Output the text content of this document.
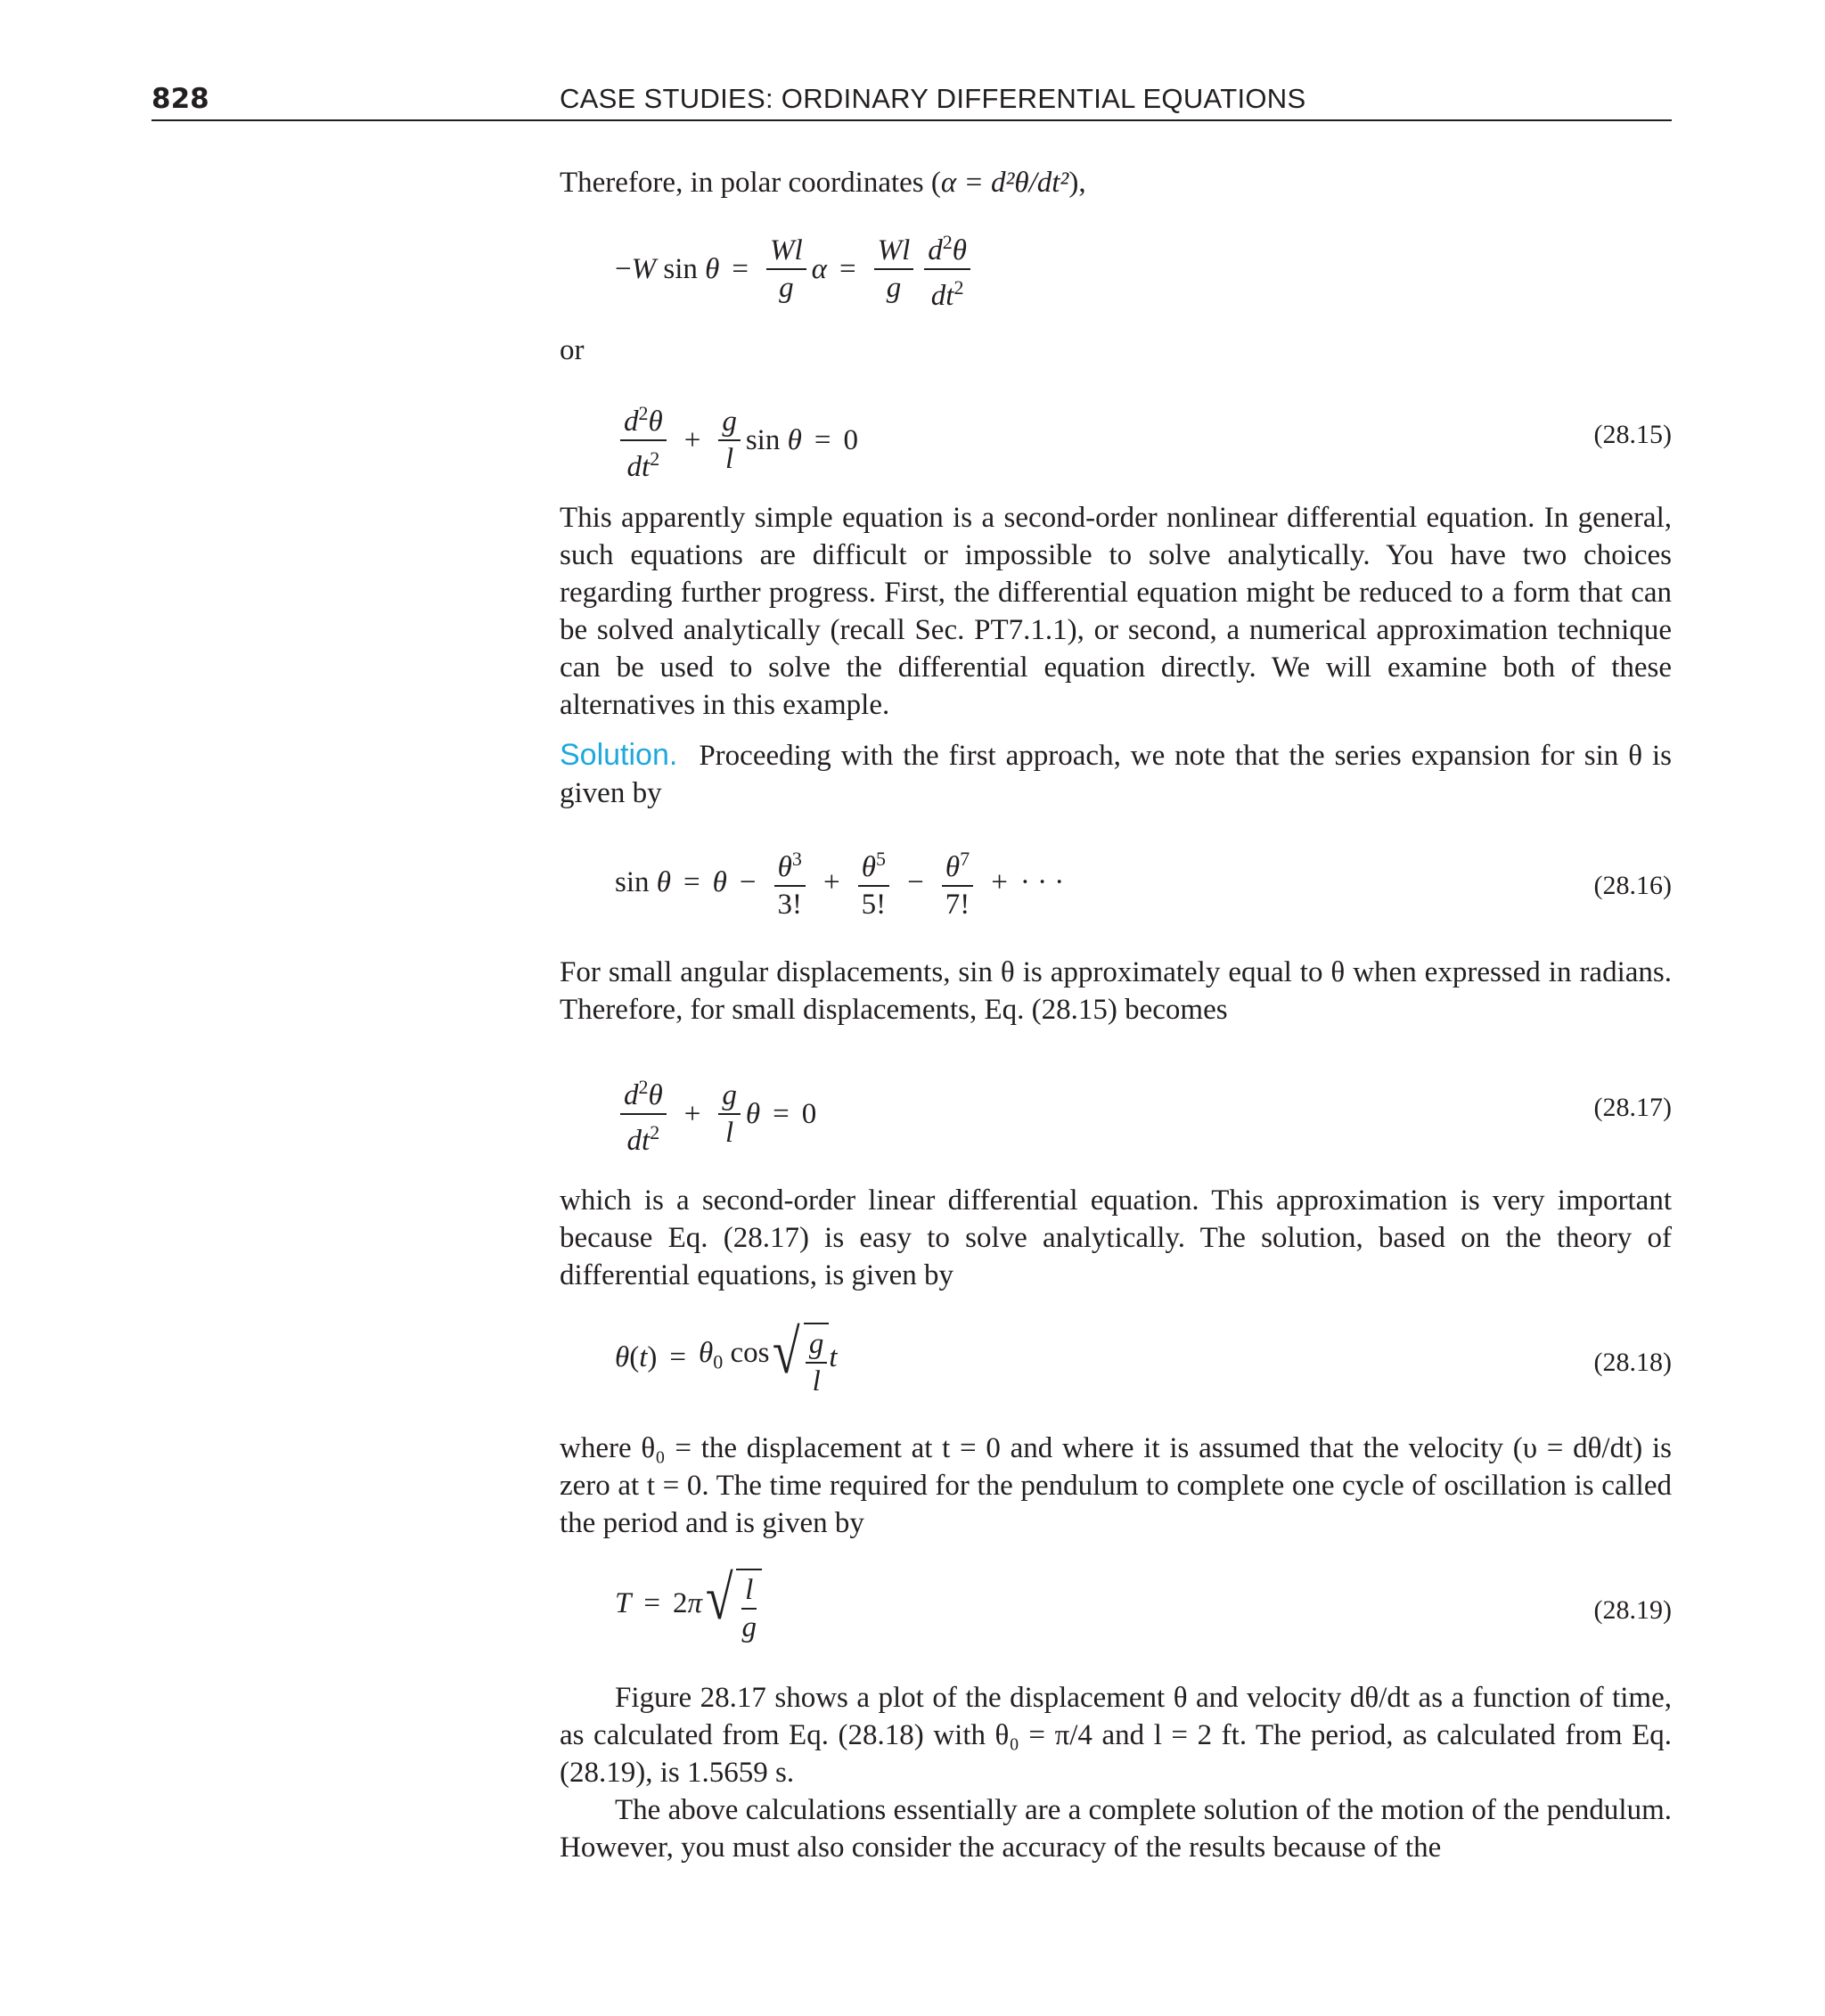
828	CASE STUDIES: ORDINARY DIFFERENTIAL EQUATIONS

Therefore, in polar coordinates (α = d²θ/dt²),

−W $\sin \theta = \frac{Wl}{g}$ $\alpha = \frac{Wl}{g} \frac{d^2\theta}{dt^2}$

or

$\frac{d^2\theta}{dt^2} + \frac{g}{l}$ sin θ = 0	(28.15)

This apparently simple equation is a second-order nonlinear differential equation. In general, such equations are difficult or impossible to solve analytically. You have two choices regarding further progress. First, the differential equation might be reduced to a form that can be solved analytically (recall Sec. PT7.1.1), or second, a numerical approximation technique can be used to solve the differential equation directly. We will examine both of these alternatives in this example.

Solution. Proceeding with the first approach, we note that the series expansion for sin θ is given by

$\sin \theta = \theta - \frac{\theta^3}{3!} + \frac{\theta^5}{5!} - \frac{\theta^7}{7!}$ + · · ·	(28.16)

For small angular displacements, sin θ is approximately equal to θ when expressed in radians. Therefore, for small displacements, Eq. (28.15) becomes

$\frac{d^2\theta}{dt^2} + \frac{g}{l}$ θ = 0	(28.17)

which is a second-order linear differential equation. This approximation is very important because Eq. (28.17) is easy to solve analytically. The solution, based on the theory of differential equations, is given by

$\theta(t) = \theta_0$ cos √ $\frac{g}{l}$ t	(28.18)

where θ₀ = the displacement at t = 0 and where it is assumed that the velocity (υ = dθ/dt) is zero at t = 0. The time required for the pendulum to complete one cycle of oscillation is called the period and is given by

T = 2π √ $\frac{l}{g}$	(28.19)

Figure 28.17 shows a plot of the displacement θ and velocity dθ/dt as a function of time, as calculated from Eq. (28.18) with θ₀ = π/4 and l = 2 ft. The period, as calculated from Eq. (28.19), is 1.5659 s.

The above calculations essentially are a complete solution of the motion of the pendulum. However, you must also consider the accuracy of the results because of the
